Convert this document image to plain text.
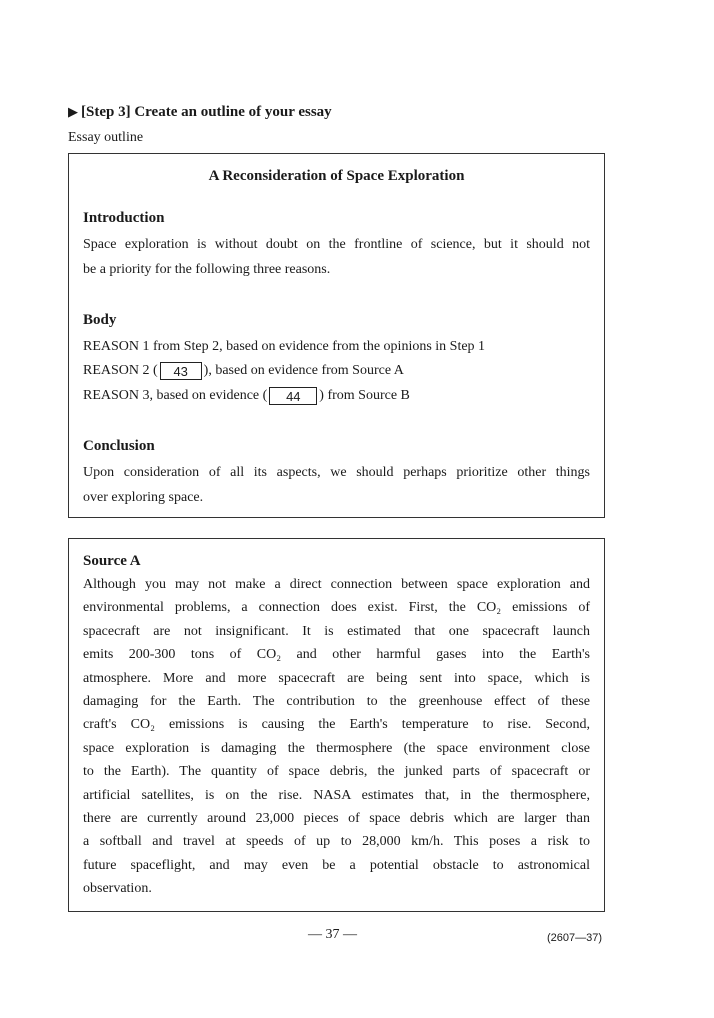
▶ [Step 3] Create an outline of your essay
Essay outline
A Reconsideration of Space Exploration
Introduction
Space exploration is without doubt on the frontline of science, but it should not
be a priority for the following three reasons.
Body
REASON 1 from Step 2, based on evidence from the opinions in Step 1
REASON 2 ( 43 ), based on evidence from Source A
REASON 3, based on evidence ( 44 ) from Source B
Conclusion
Upon consideration of all its aspects, we should perhaps prioritize other things
over exploring space.
Source A
Although you may not make a direct connection between space exploration and
environmental problems, a connection does exist. First, the CO₂ emissions of
spacecraft are not insignificant. It is estimated that one spacecraft launch
emits 200-300 tons of CO₂ and other harmful gases into the Earth's
atmosphere. More and more spacecraft are being sent into space, which is
damaging for the Earth. The contribution to the greenhouse effect of these
craft's CO₂ emissions is causing the Earth's temperature to rise. Second,
space exploration is damaging the thermosphere (the space environment close
to the Earth). The quantity of space debris, the junked parts of spacecraft or
artificial satellites, is on the rise. NASA estimates that, in the thermosphere,
there are currently around 23,000 pieces of space debris which are larger than
a softball and travel at speeds of up to 28,000 km/h. This poses a risk to
future spaceflight, and may even be a potential obstacle to astronomical
observation.
— 37 —	(2607—37)
